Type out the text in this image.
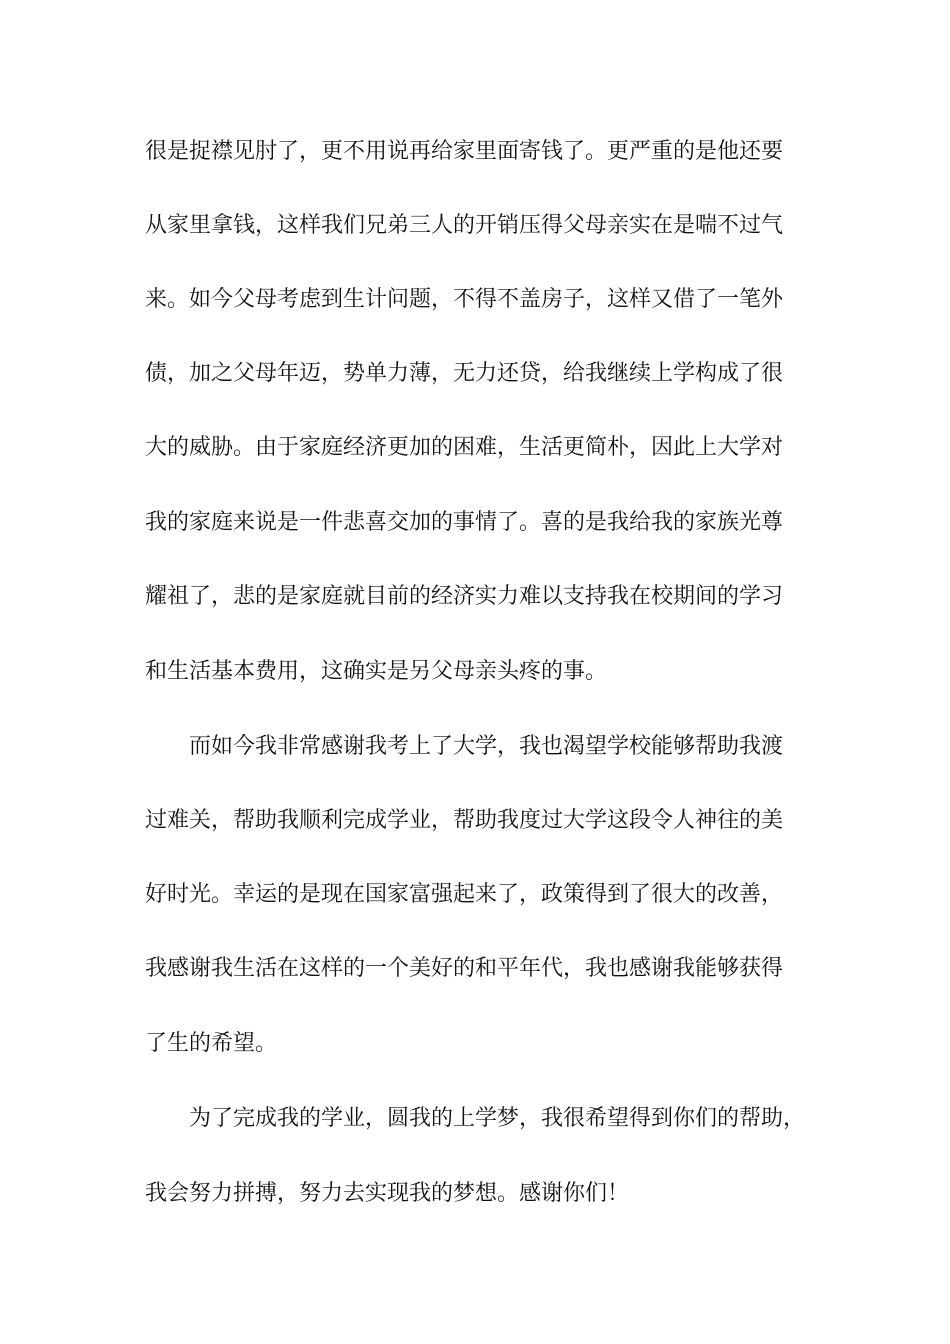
很是捉襟见肘了，更不用说再给家里面寄钱了。更严重的是他还要
从家里拿钱，这样我们兄弟三人的开销压得父母亲实在是喘不过气
来。如今父母考虑到生计问题，不得不盖房子，这样又借了一笔外
债，加之父母年迈，势单力薄，无力还贷，给我继续上学构成了很
大的威胁。由于家庭经济更加的困难，生活更简朴，因此上大学对
我的家庭来说是一件悲喜交加的事情了。喜的是我给我的家族光尊
耀祖了，悲的是家庭就目前的经济实力难以支持我在校期间的学习
和生活基本费用，这确实是另父母亲头疼的事。
而如今我非常感谢我考上了大学，我也渴望学校能够帮助我渡
过难关，帮助我顺利完成学业，帮助我度过大学这段令人神往的美
好时光。幸运的是现在国家富强起来了，政策得到了很大的改善，
我感谢我生活在这样的一个美好的和平年代，我也感谢我能够获得
了生的希望。
为了完成我的学业，圆我的上学梦，我很希望得到你们的帮助，
我会努力拼搏，努力去实现我的梦想。感谢你们！
